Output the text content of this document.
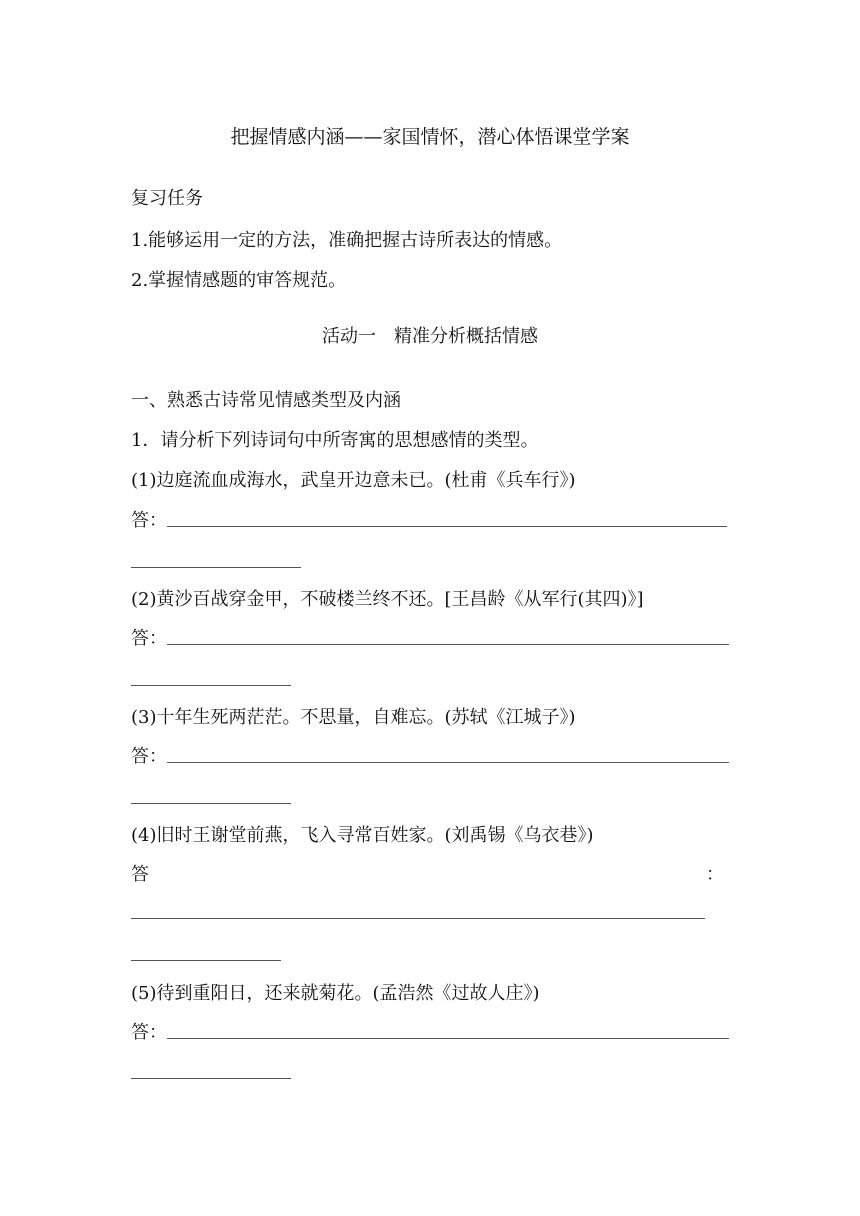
把握情感内涵——家国情怀，潜心体悟课堂学案
复习任务
1.能够运用一定的方法，准确把握古诗所表达的情感。
2.掌握情感题的审答规范。
活动一　精准分析概括情感
一、熟悉古诗常见情感类型及内涵
1．请分析下列诗词句中所寄寓的思想感情的类型。
(1)边庭流血成海水，武皇开边意未已。(杜甫《兵车行》)
答：
(2)黄沙百战穿金甲，不破楼兰终不还。[王昌龄《从军行(其四)》]
答：
(3)十年生死两茫茫。不思量，自难忘。(苏轼《江城子》)
答：
(4)旧时王谢堂前燕，飞入寻常百姓家。(刘禹锡《乌衣巷》)
答	：
(5)待到重阳日，还来就菊花。(孟浩然《过故人庄》)
答：
